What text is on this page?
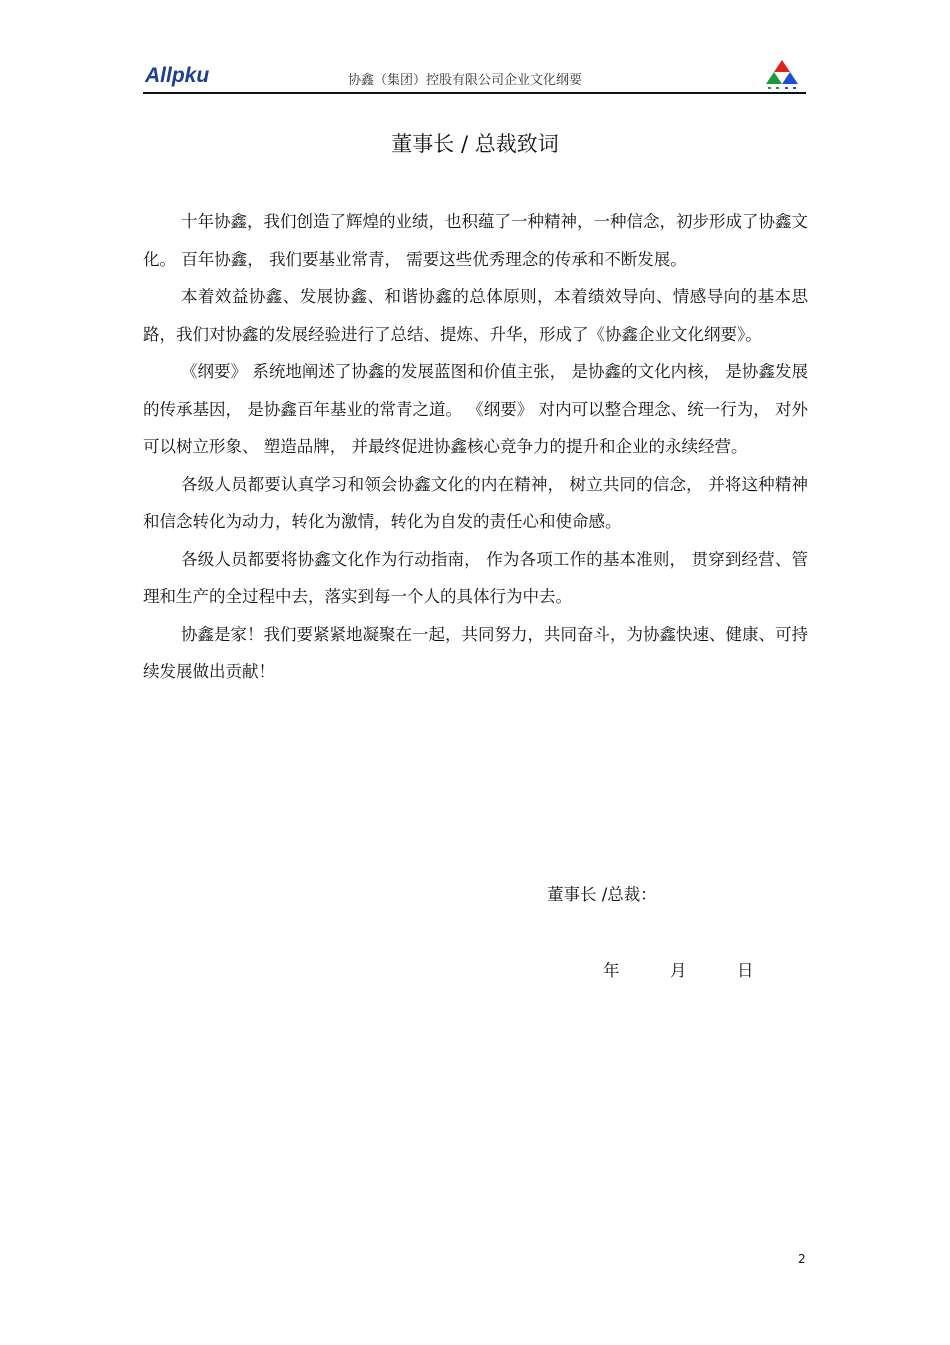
Allpku	协鑫（集团）控股有限公司企业文化纲要
董事长 / 总裁致词

十年协鑫，我们创造了辉煌的业绩，也积蕴了一种精神，一种信念，初步形成了协鑫文化。 百年协鑫， 我们要基业常青， 需要这些优秀理念的传承和不断发展。

本着效益协鑫、发展协鑫、和谐协鑫的总体原则，本着绩效导向、情感导向的基本思路，我们对协鑫的发展经验进行了总结、提炼、升华，形成了《协鑫企业文化纲要》。

《纲要》 系统地阐述了协鑫的发展蓝图和价值主张， 是协鑫的文化内核， 是协鑫发展的传承基因， 是协鑫百年基业的常青之道。 《纲要》 对内可以整合理念、统一行为， 对外可以树立形象、 塑造品牌， 并最终促进协鑫核心竞争力的提升和企业的永续经营。

各级人员都要认真学习和领会协鑫文化的内在精神， 树立共同的信念， 并将这种精神和信念转化为动力，转化为激情，转化为自发的责任心和使命感。

各级人员都要将协鑫文化作为行动指南， 作为各项工作的基本准则， 贯穿到经营、管理和生产的全过程中去，落实到每一个人的具体行为中去。

协鑫是家！我们要紧紧地凝聚在一起，共同努力，共同奋斗，为协鑫快速、健康、可持续发展做出贡献！

董事长 /总裁：
年	月	日
2
